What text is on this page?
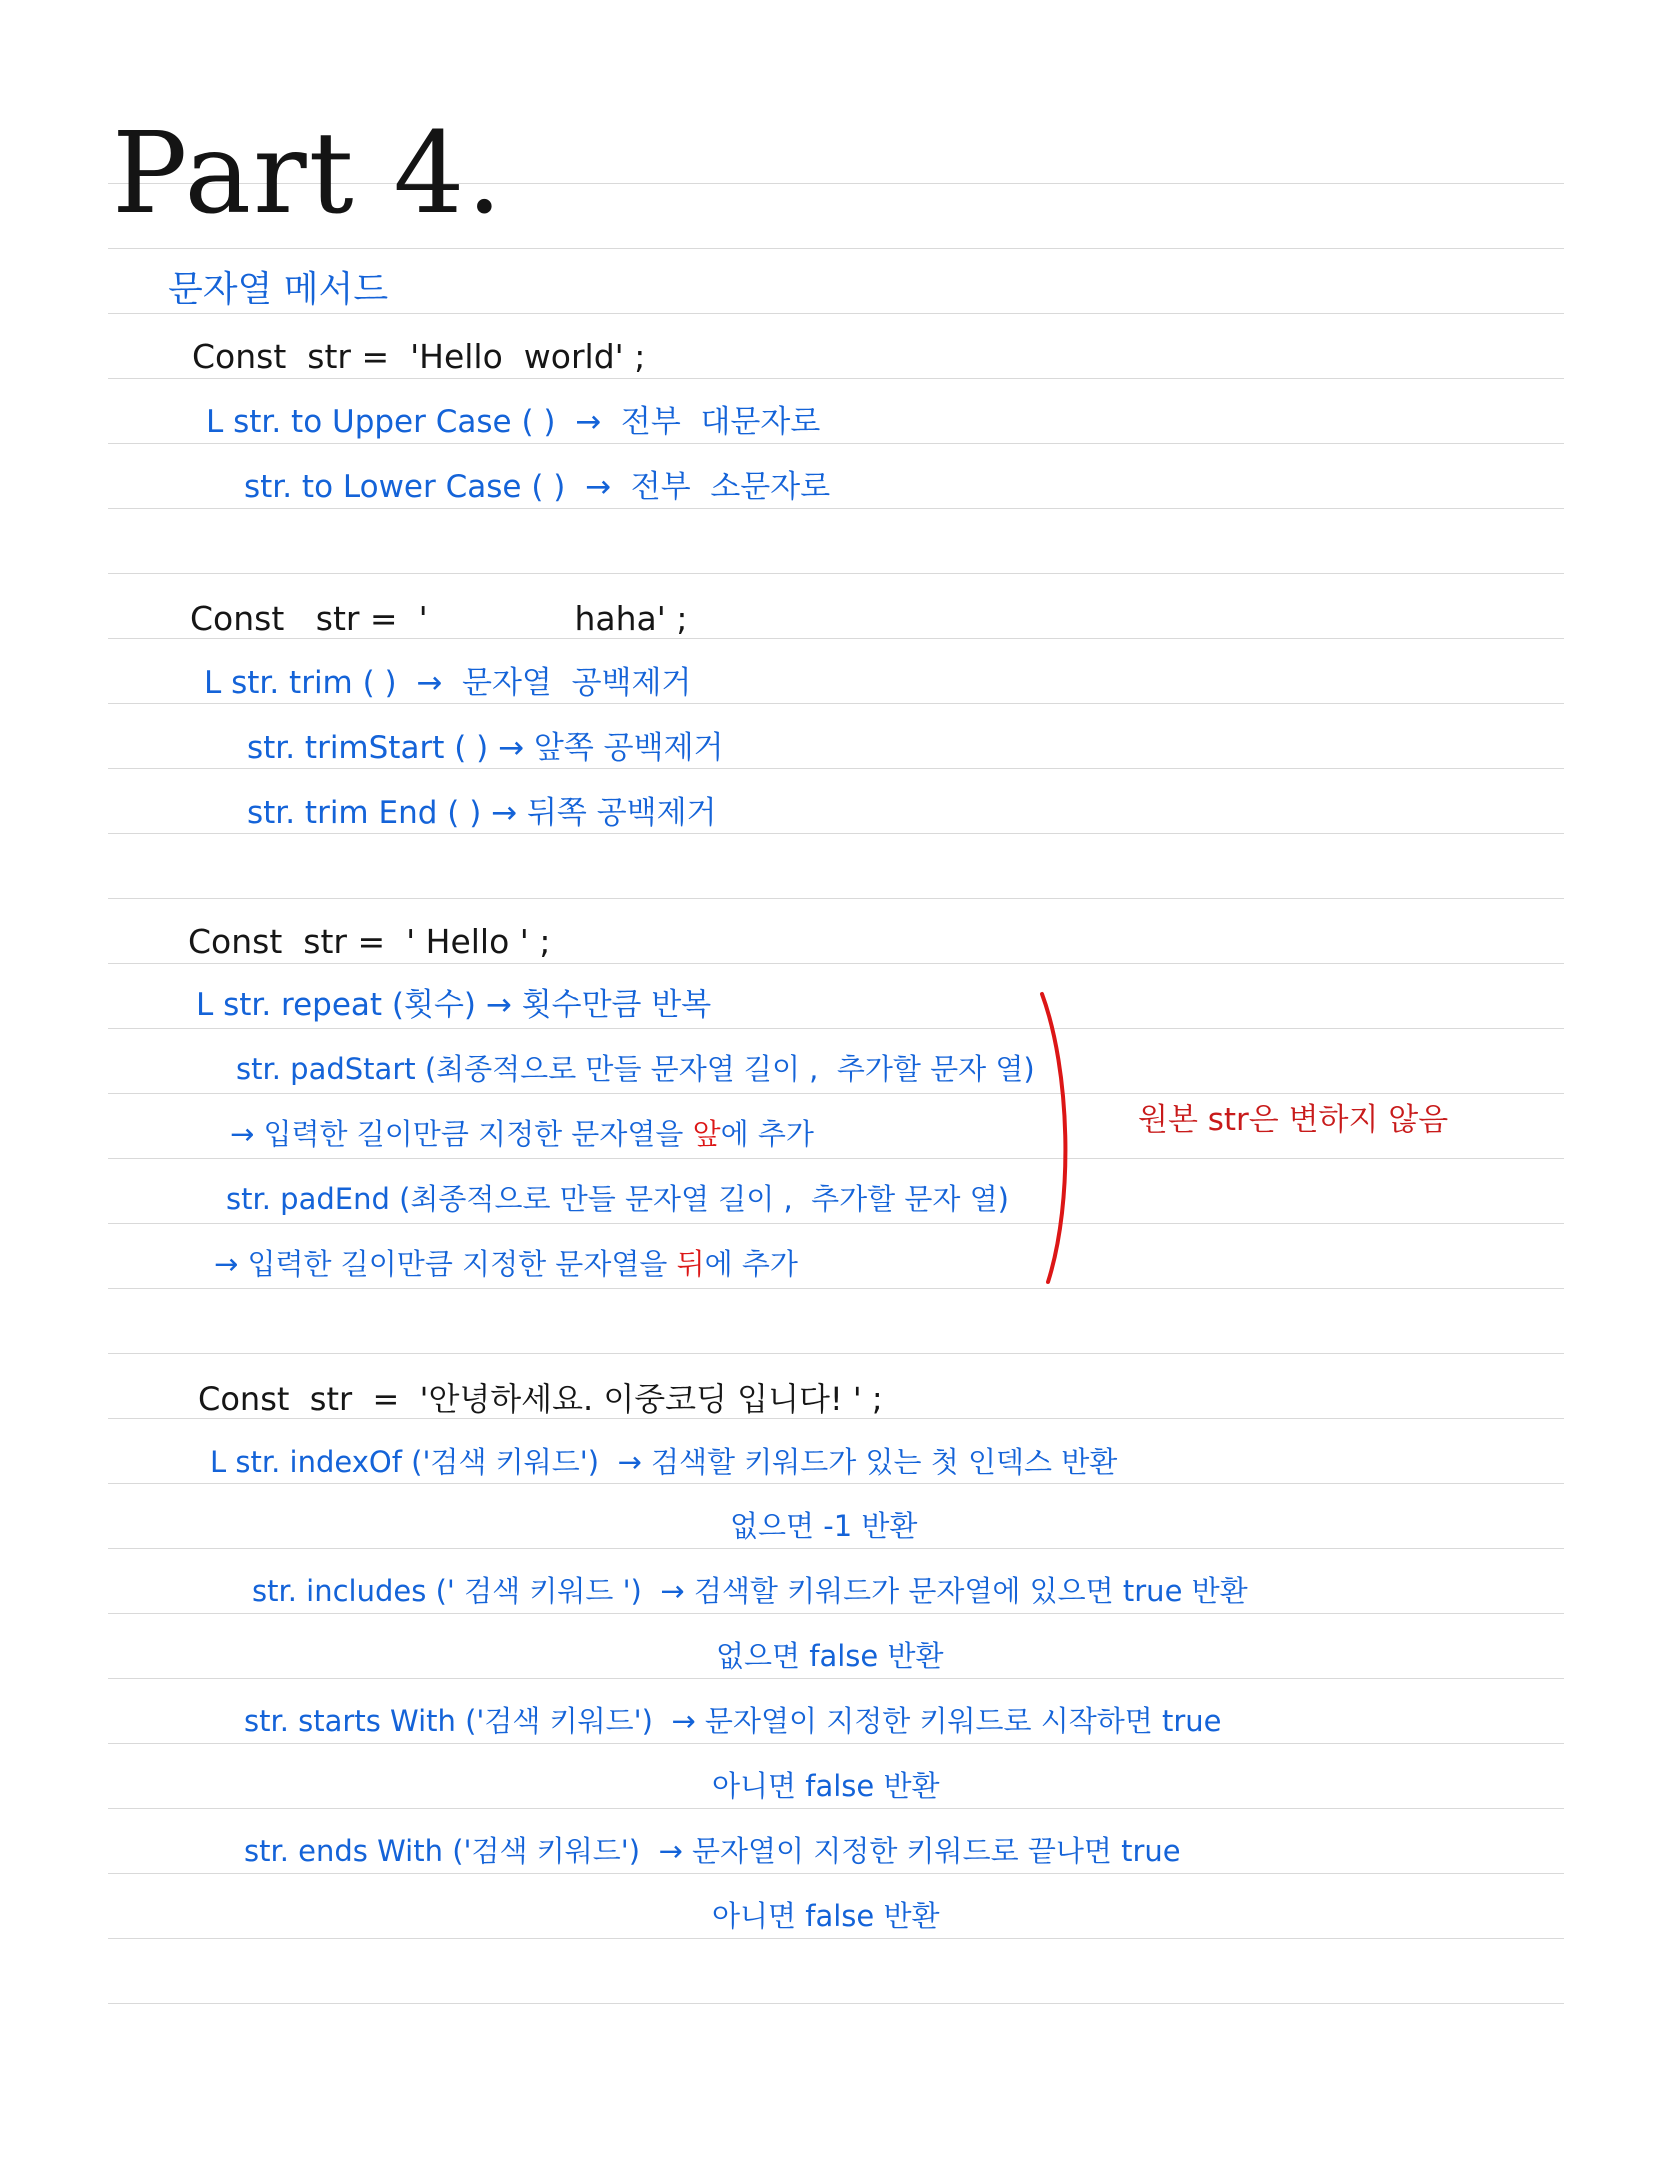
Part 4.
문자열 메서드
Const  str =  'Hello  world' ;
L str. to Upper Case ( )  →  전부  대문자로
str. to Lower Case ( )  →  전부  소문자로
Const   str =  '              haha' ;
L str. trim ( )  →  문자열  공백제거
str. trimStart ( ) → 앞쪽 공백제거
str. trim End ( ) → 뒤쪽 공백제거
Const  str =  ' Hello ' ;
L str. repeat (횟수) → 횟수만큼 반복
str. padStart (최종적으로 만들 문자열 길이 ,  추가할 문자 열)
→ 입력한 길이만큼 지정한 문자열을 앞에 추가
str. padEnd (최종적으로 만들 문자열 길이 ,  추가할 문자 열)
→ 입력한 길이만큼 지정한 문자열을 뒤에 추가
원본 str은 변하지 않음
Const  str  =  '안녕하세요. 이중코딩 입니다! ' ;
L str. indexOf ('검색 키워드')  → 검색할 키워드가 있는 첫 인덱스 반환
없으면 -1 반환
str. includes (' 검색 키워드 ')  → 검색할 키워드가 문자열에 있으면 true 반환
없으면 false 반환
str. starts With ('검색 키워드')  → 문자열이 지정한 키워드로 시작하면 true
아니면 false 반환
str. ends With ('검색 키워드')  → 문자열이 지정한 키워드로 끝나면 true
아니면 false 반환
